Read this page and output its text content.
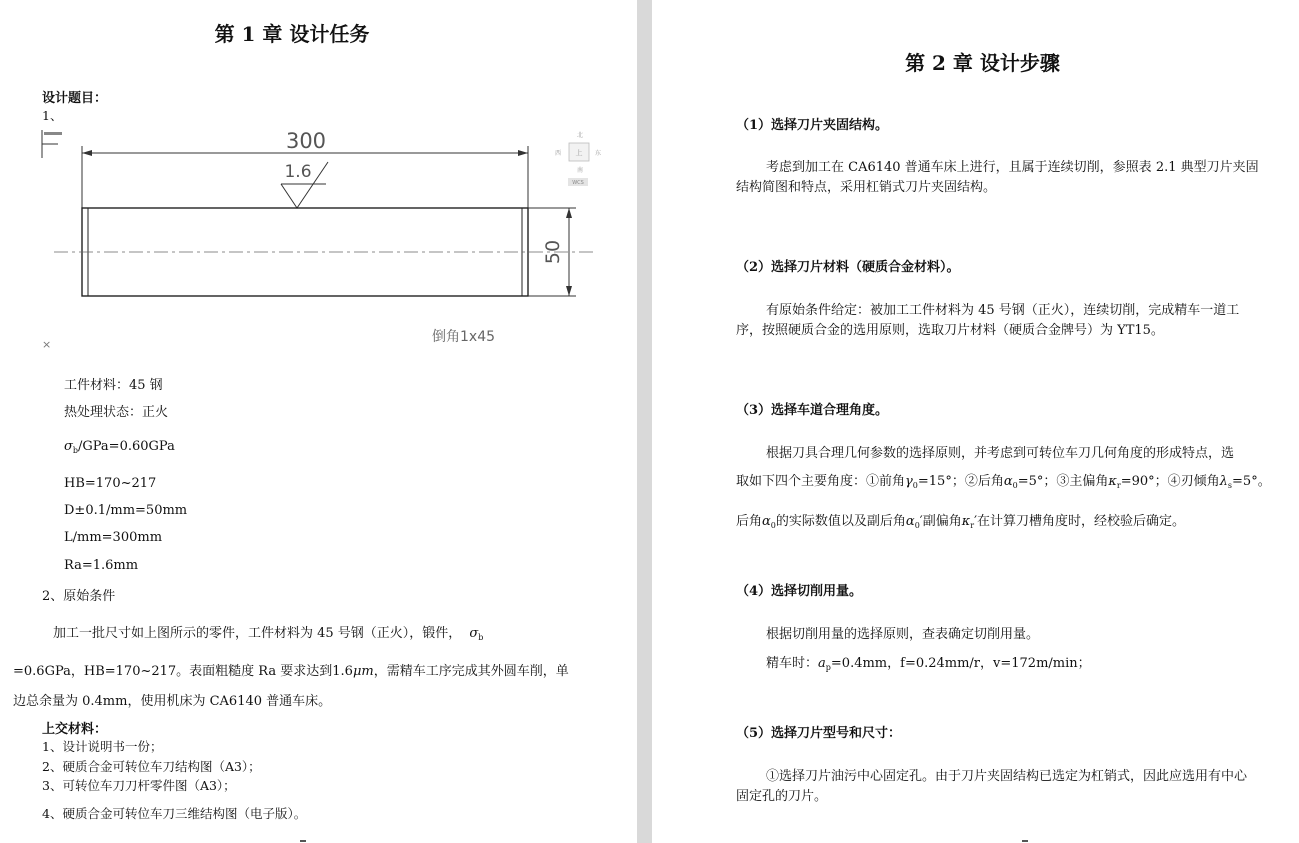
第 1 章 设计任务
设计题目：
1、
300
1.6
50
倒角1x45
×
北
西 上 东
南
WCS
工件材料：45 钢
热处理状态：正火
$\sigma_b/GPa=0.60GPa$
HB=170~217
D±0.1/mm=50mm
L/mm=300mm
Ra=1.6mm
2、原始条件
加工一批尺寸如上图所示的零件，工件材料为 45 号钢（正火），锻件， $\sigma_b$
=0.6GPa，HB=170~217。表面粗糙度 Ra 要求达到1.6μm，需精车工序完成其外圆车削，单
边总余量为 0.4mm，使用机床为 CA6140 普通车床。
上交材料：
1、设计说明书一份；
2、硬质合金可转位车刀结构图（A3）；
3、可转位车刀刀杆零件图（A3）；
4、硬质合金可转位车刀三维结构图（电子版）。
第 2 章 设计步骤
（1）选择刀片夹固结构。
考虑到加工在 CA6140 普通车床上进行，且属于连续切削，参照表 2.1 典型刀片夹固
结构简图和特点，采用杠销式刀片夹固结构。
（2）选择刀片材料（硬质合金材料）。
有原始条件给定：被加工工件材料为 45 号钢（正火），连续切削，完成精车一道工
序，按照硬质合金的选用原则，选取刀片材料（硬质合金牌号）为 YT15。
（3）选择车道合理角度。
根据刀具合理几何参数的选择原则，并考虑到可转位车刀几何角度的形成特点，选
取如下四个主要角度：①前角$\gamma_0=15^\circ$；②后角$\alpha_0=5^\circ$；③主偏角$\kappa_r=90^\circ$；④刃倾角$\lambda_s=5^\circ$。
后角$\alpha_0$的实际数值以及副后角$\alpha_0'$副偏角$\kappa_r'$在计算刀槽角度时，经校验后确定。
（4）选择切削用量。
根据切削用量的选择原则，查表确定切削用量。
精车时：$a_p=0.4mm$，f=0.24mm/r，v=172m/min；
（5）选择刀片型号和尺寸：
①选择刀片油污中心固定孔。由于刀片夹固结构已选定为杠销式，因此应选用有中心
固定孔的刀片。
